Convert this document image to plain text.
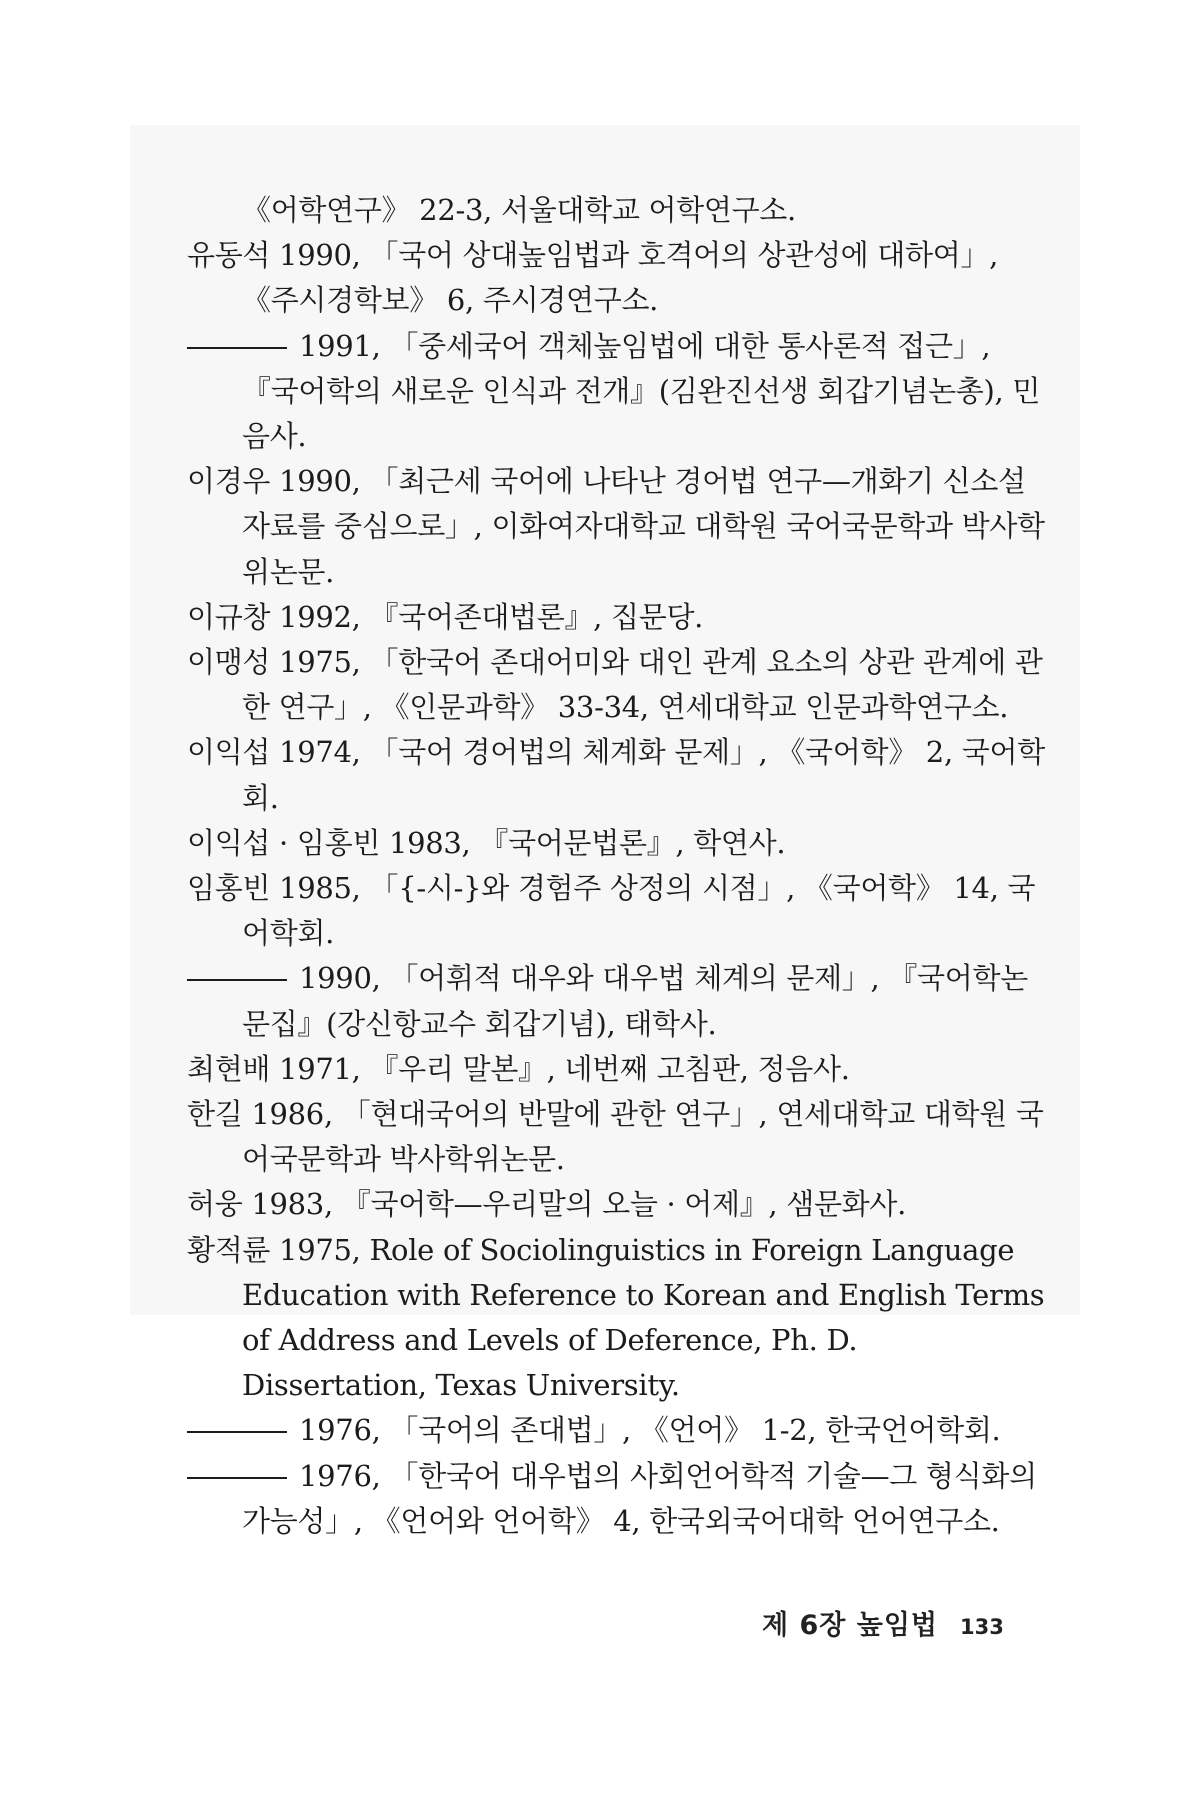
《어학연구》 22-3, 서울대학교 어학연구소.
유동석 1990, 「국어 상대높임법과 호격어의 상관성에 대하여」, 《주시경학보》 6, 주시경연구소.
1991, 「중세국어 객체높임법에 대한 통사론적 접근」, 『국어학의 새로운 인식과 전개』(김완진선생 회갑기념논총), 민음사.
이경우 1990, 「최근세 국어에 나타난 경어법 연구—개화기 신소설 자료를 중심으로」, 이화여자대학교 대학원 국어국문학과 박사학위논문.
이규창 1992, 『국어존대법론』, 집문당.
이맹성 1975, 「한국어 존대어미와 대인 관계 요소의 상관 관계에 관한 연구」, 《인문과학》 33-34, 연세대학교 인문과학연구소.
이익섭 1974, 「국어 경어법의 체계화 문제」, 《국어학》 2, 국어학회.
이익섭 · 임홍빈 1983, 『국어문법론』, 학연사.
임홍빈 1985, 「{-시-}와 경험주 상정의 시점」, 《국어학》 14, 국어학회.
1990, 「어휘적 대우와 대우법 체계의 문제」, 『국어학논문집』(강신항교수 회갑기념), 태학사.
최현배 1971, 『우리 말본』, 네번째 고침판, 정음사.
한길 1986, 「현대국어의 반말에 관한 연구」, 연세대학교 대학원 국어국문학과 박사학위논문.
허웅 1983, 『국어학—우리말의 오늘 · 어제』, 샘문화사.
황적륜 1975, Role of Sociolinguistics in Foreign Language Education with Reference to Korean and English Terms of Address and Levels of Deference, Ph. D. Dissertation, Texas University.
1976, 「국어의 존대법」, 《언어》 1-2, 한국언어학회.
1976, 「한국어 대우법의 사회언어학적 기술—그 형식화의 가능성」, 《언어와 언어학》 4, 한국외국어대학 언어연구소.
제 6장 높임법 133
